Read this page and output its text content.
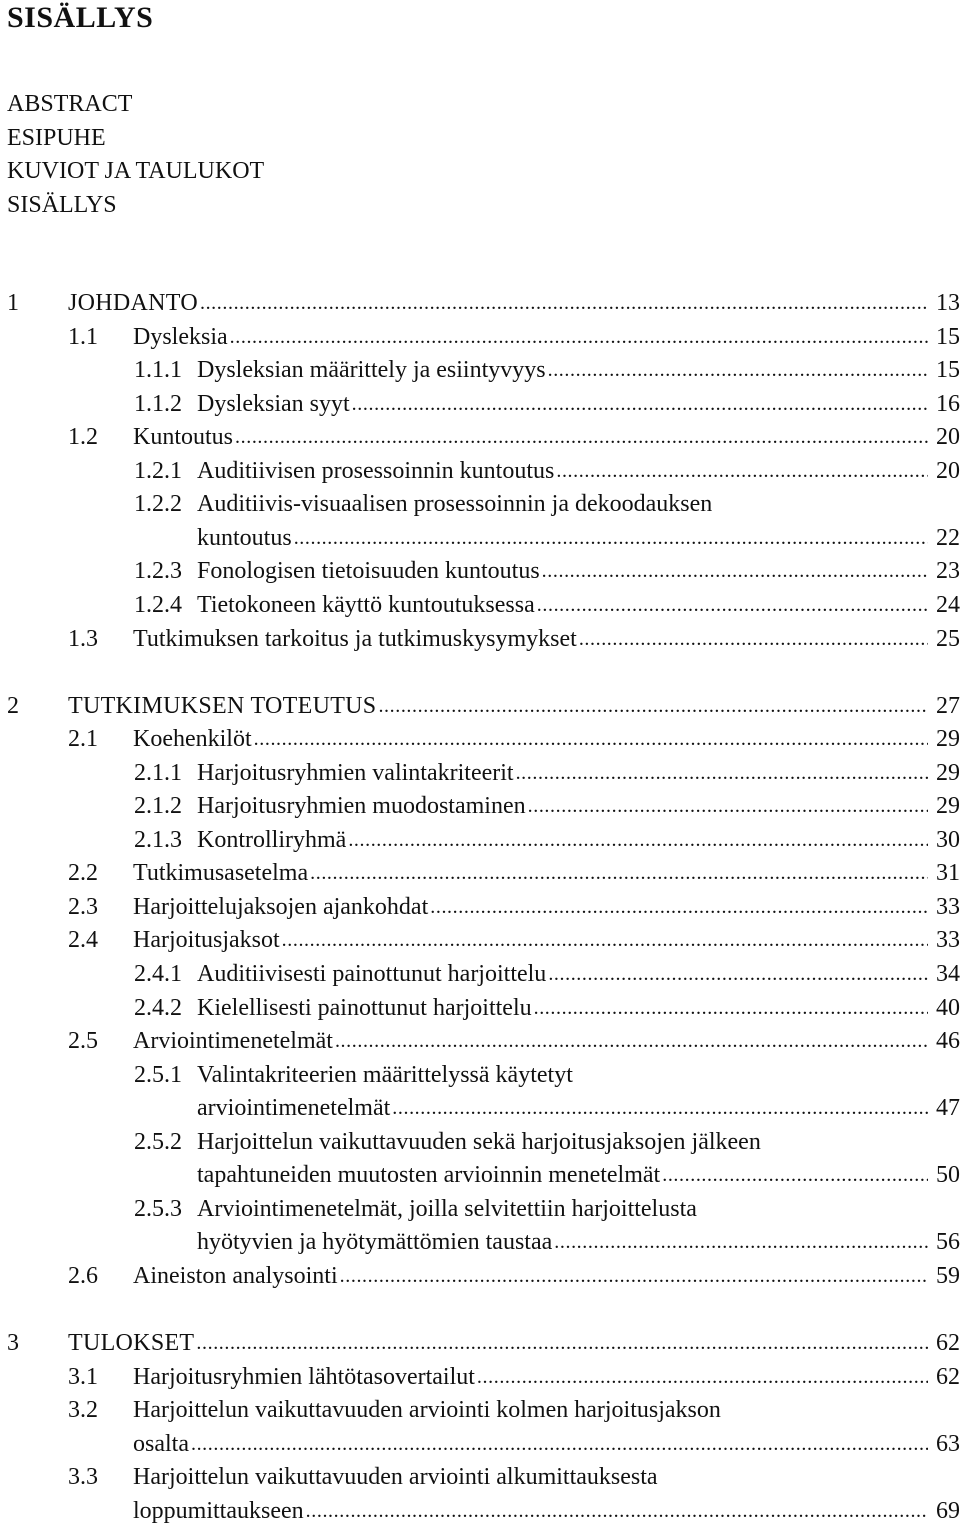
SISÄLLYS
ABSTRACT
ESIPUHE
KUVIOT JA TAULUKOT
SISÄLLYS
1 JOHDANTO .....	13
1.1 Dysleksia .....	15
1.1.1 Dysleksian määrittely ja esiintyvyys .....	15
1.1.2 Dysleksian syyt .....	16
1.2 Kuntoutus .....	20
1.2.1 Auditiivisen prosessoinnin kuntoutus .....	20
1.2.2 Auditiivis-visuaalisen prosessoinnin ja dekoodauksen
kuntoutus .....	22
1.2.3 Fonologisen tietoisuuden kuntoutus .....	23
1.2.4 Tietokoneen käyttö kuntoutuksessa .....	24
1.3 Tutkimuksen tarkoitus ja tutkimuskysymykset .....	25
2 TUTKIMUKSEN TOTEUTUS .....	27
2.1 Koehenkilöt .....	29
2.1.1 Harjoitusryhmien valintakriteerit .....	29
2.1.2 Harjoitusryhmien muodostaminen .....	29
2.1.3 Kontrolliryhmä .....	30
2.2 Tutkimusasetelma .....	31
2.3 Harjoittelujaksojen ajankohdat .....	33
2.4 Harjoitusjaksot .....	33
2.4.1 Auditiivisesti painottunut harjoittelu .....	34
2.4.2 Kielellisesti painottunut harjoittelu .....	40
2.5 Arviointimenetelmät .....	46
2.5.1 Valintakriteerien määrittelyssä käytetyt
arviointimenetelmät .....	47
2.5.2 Harjoittelun vaikuttavuuden sekä harjoitusjaksojen jälkeen
tapahtuneiden muutosten arvioinnin menetelmät .....	50
2.5.3 Arviointimenetelmät, joilla selvitettiin harjoittelusta
hyötyvien ja hyötymättömien taustaa .....	56
2.6 Aineiston analysointi .....	59
3 TULOKSET .....	62
3.1 Harjoitusryhmien lähtötasovertailut .....	62
3.2 Harjoittelun vaikuttavuuden arviointi kolmen harjoitusjakson
osalta .....	63
3.3 Harjoittelun vaikuttavuuden arviointi alkumittauksesta
loppumittaukseen .....	69
